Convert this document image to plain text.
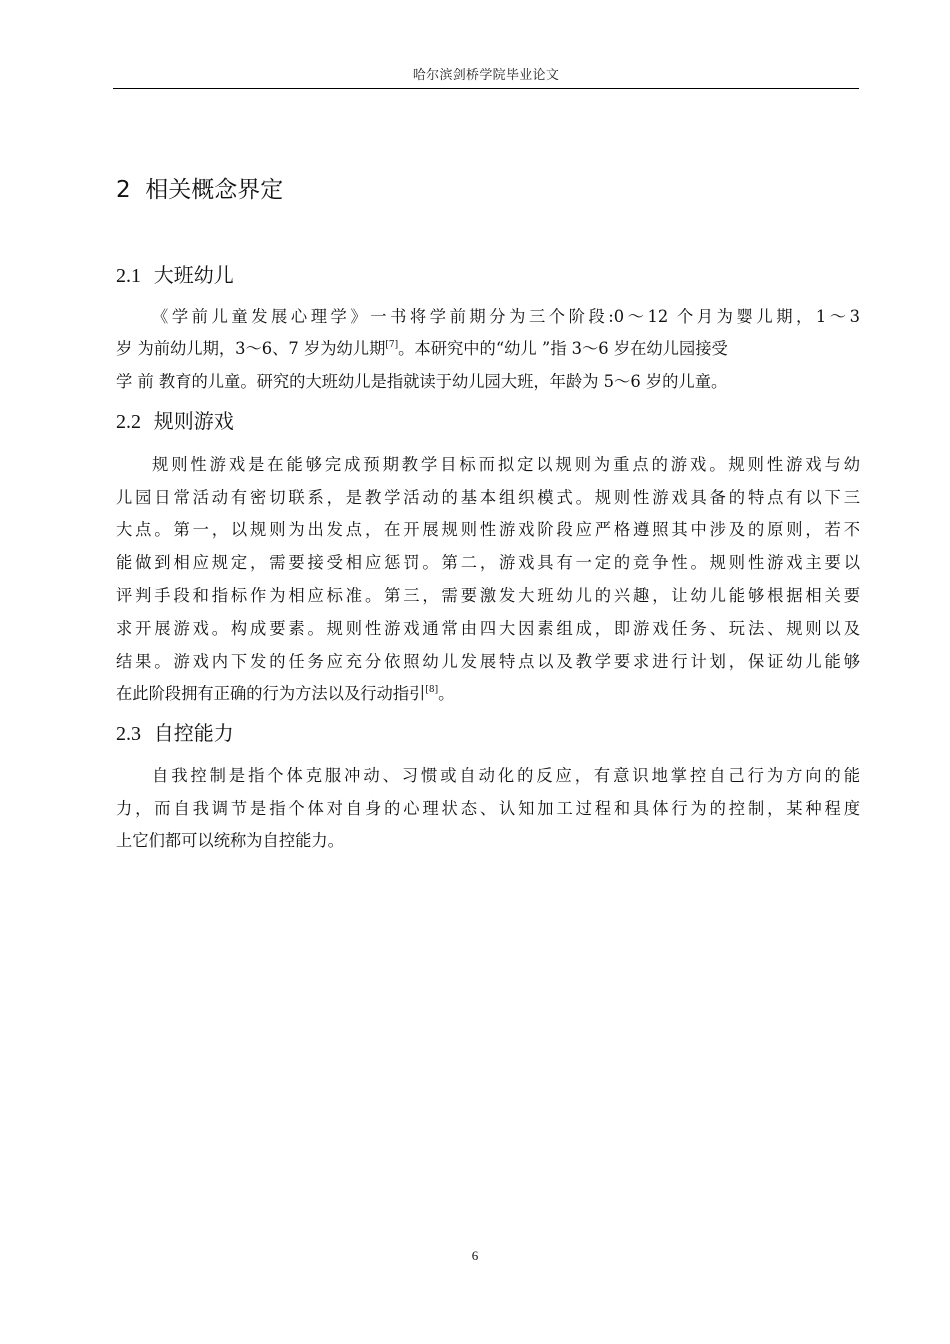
哈尔滨剑桥学院毕业论文
2 相关概念界定
2.1 大班幼儿
《学前儿童发展心理学》一书将学前期分为三个阶段:0～12 个月为婴儿期，1～3
岁 为前幼儿期，3～6、7 岁为幼儿期[7]。本研究中的“幼儿 ”指 3～6 岁在幼儿园接受
学 前 教育的儿童。研究的大班幼儿是指就读于幼儿园大班，年龄为 5～6 岁的儿童。
2.2 规则游戏
规则性游戏是在能够完成预期教学目标而拟定以规则为重点的游戏。规则性游戏与幼
儿园日常活动有密切联系，是教学活动的基本组织模式。规则性游戏具备的特点有以下三
大点。第一，以规则为出发点，在开展规则性游戏阶段应严格遵照其中涉及的原则，若不
能做到相应规定，需要接受相应惩罚。第二，游戏具有一定的竞争性。规则性游戏主要以
评判手段和指标作为相应标准。第三，需要激发大班幼儿的兴趣，让幼儿能够根据相关要
求开展游戏。构成要素。规则性游戏通常由四大因素组成，即游戏任务、玩法、规则以及
结果。游戏内下发的任务应充分依照幼儿发展特点以及教学要求进行计划，保证幼儿能够
在此阶段拥有正确的行为方法以及行动指引[8]。
2.3 自控能力
自我控制是指个体克服冲动、习惯或自动化的反应，有意识地掌控自己行为方向的能
力，而自我调节是指个体对自身的心理状态、认知加工过程和具体行为的控制，某种程度
上它们都可以统称为自控能力。
6
